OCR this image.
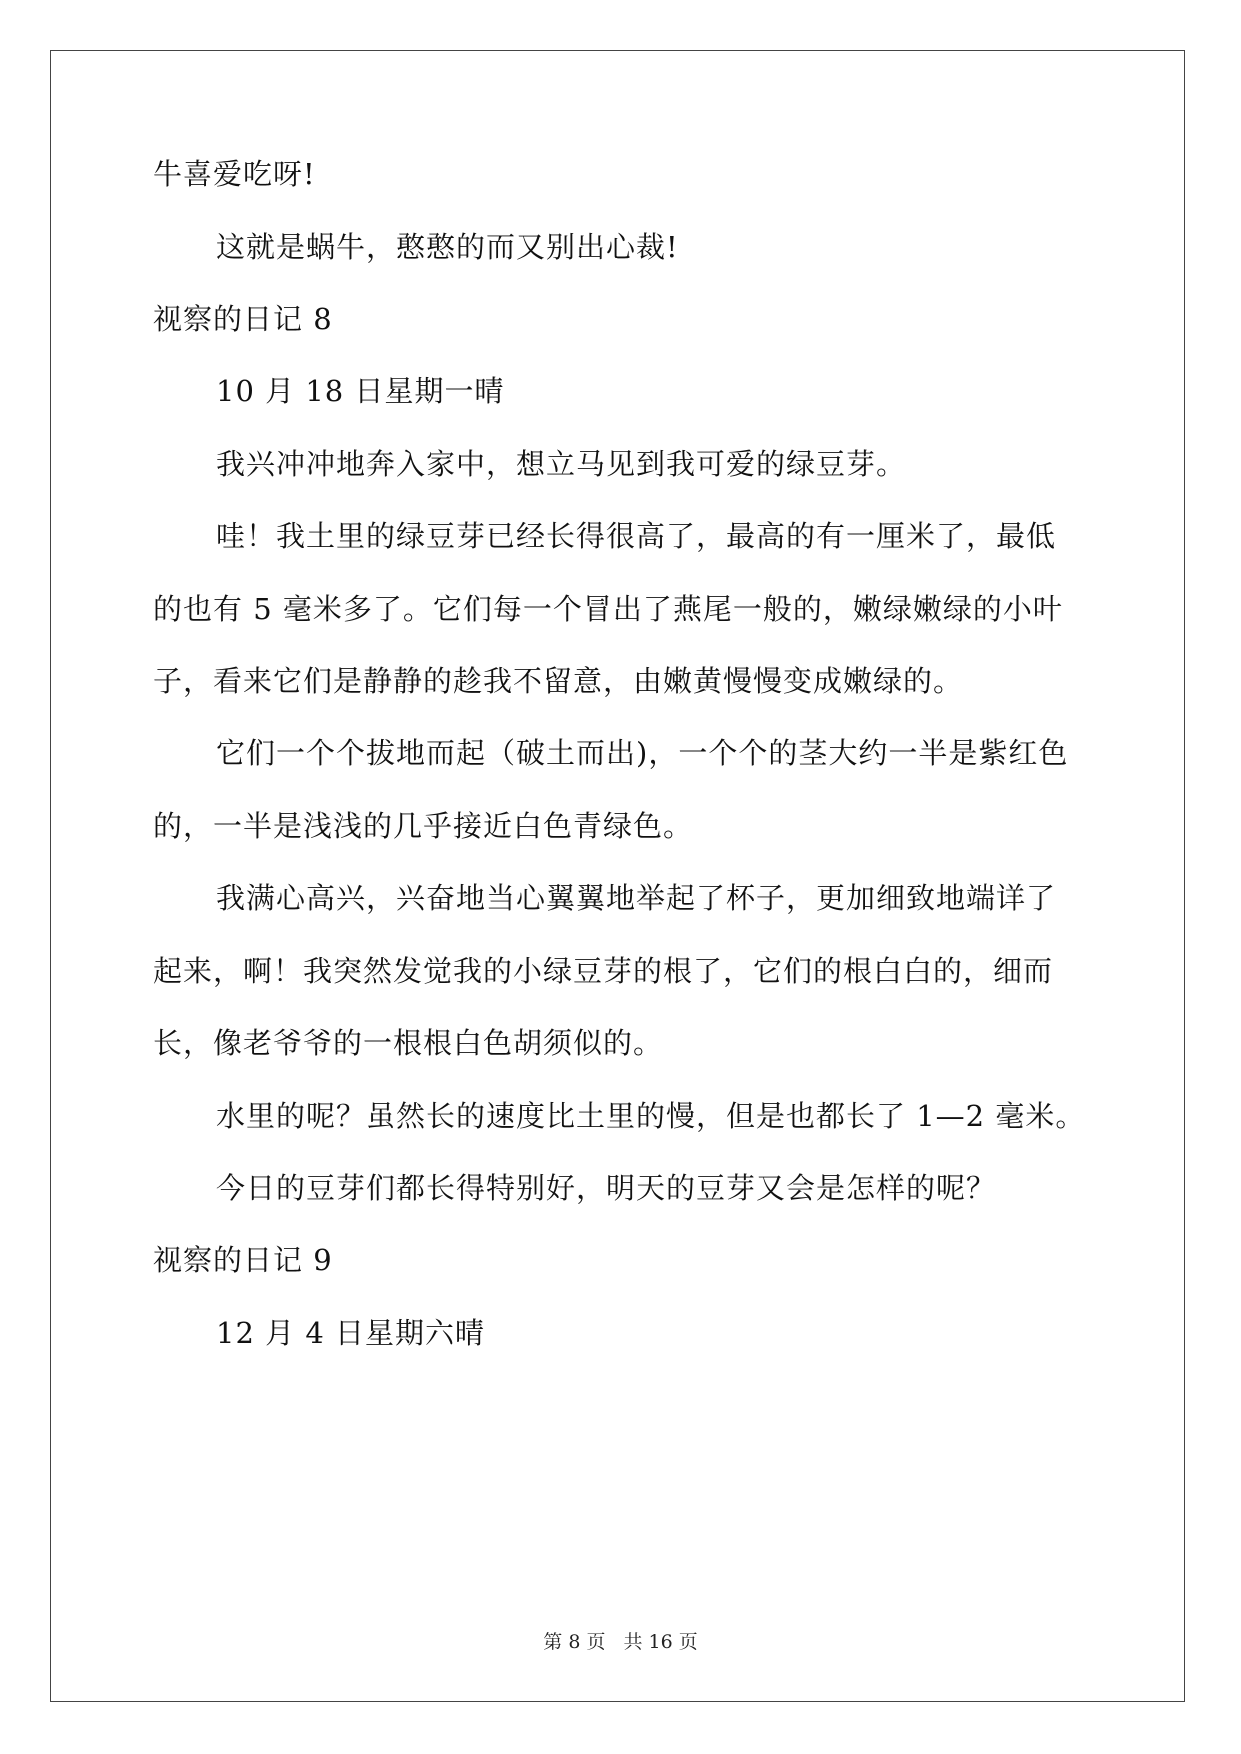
牛喜爱吃呀!
这就是蜗牛，憨憨的而又别出心裁!
视察的日记 8
10 月 18 日星期一晴
我兴冲冲地奔入家中，想立马见到我可爱的绿豆芽。
哇！我土里的绿豆芽已经长得很高了，最高的有一厘米了，最低
的也有 5 毫米多了。它们每一个冒出了燕尾一般的，嫩绿嫩绿的小叶
子，看来它们是静静的趁我不留意，由嫩黄慢慢变成嫩绿的。
它们一个个拔地而起（破土而出)，一个个的茎大约一半是紫红色
的，一半是浅浅的几乎接近白色青绿色。
我满心高兴，兴奋地当心翼翼地举起了杯子，更加细致地端详了
起来，啊！我突然发觉我的小绿豆芽的根了，它们的根白白的，细而
长，像老爷爷的一根根白色胡须似的。
水里的呢？虽然长的速度比土里的慢，但是也都长了 1—2 毫米。
今日的豆芽们都长得特别好，明天的豆芽又会是怎样的呢？
视察的日记 9
12 月 4 日星期六晴
第 8 页 共 16 页
